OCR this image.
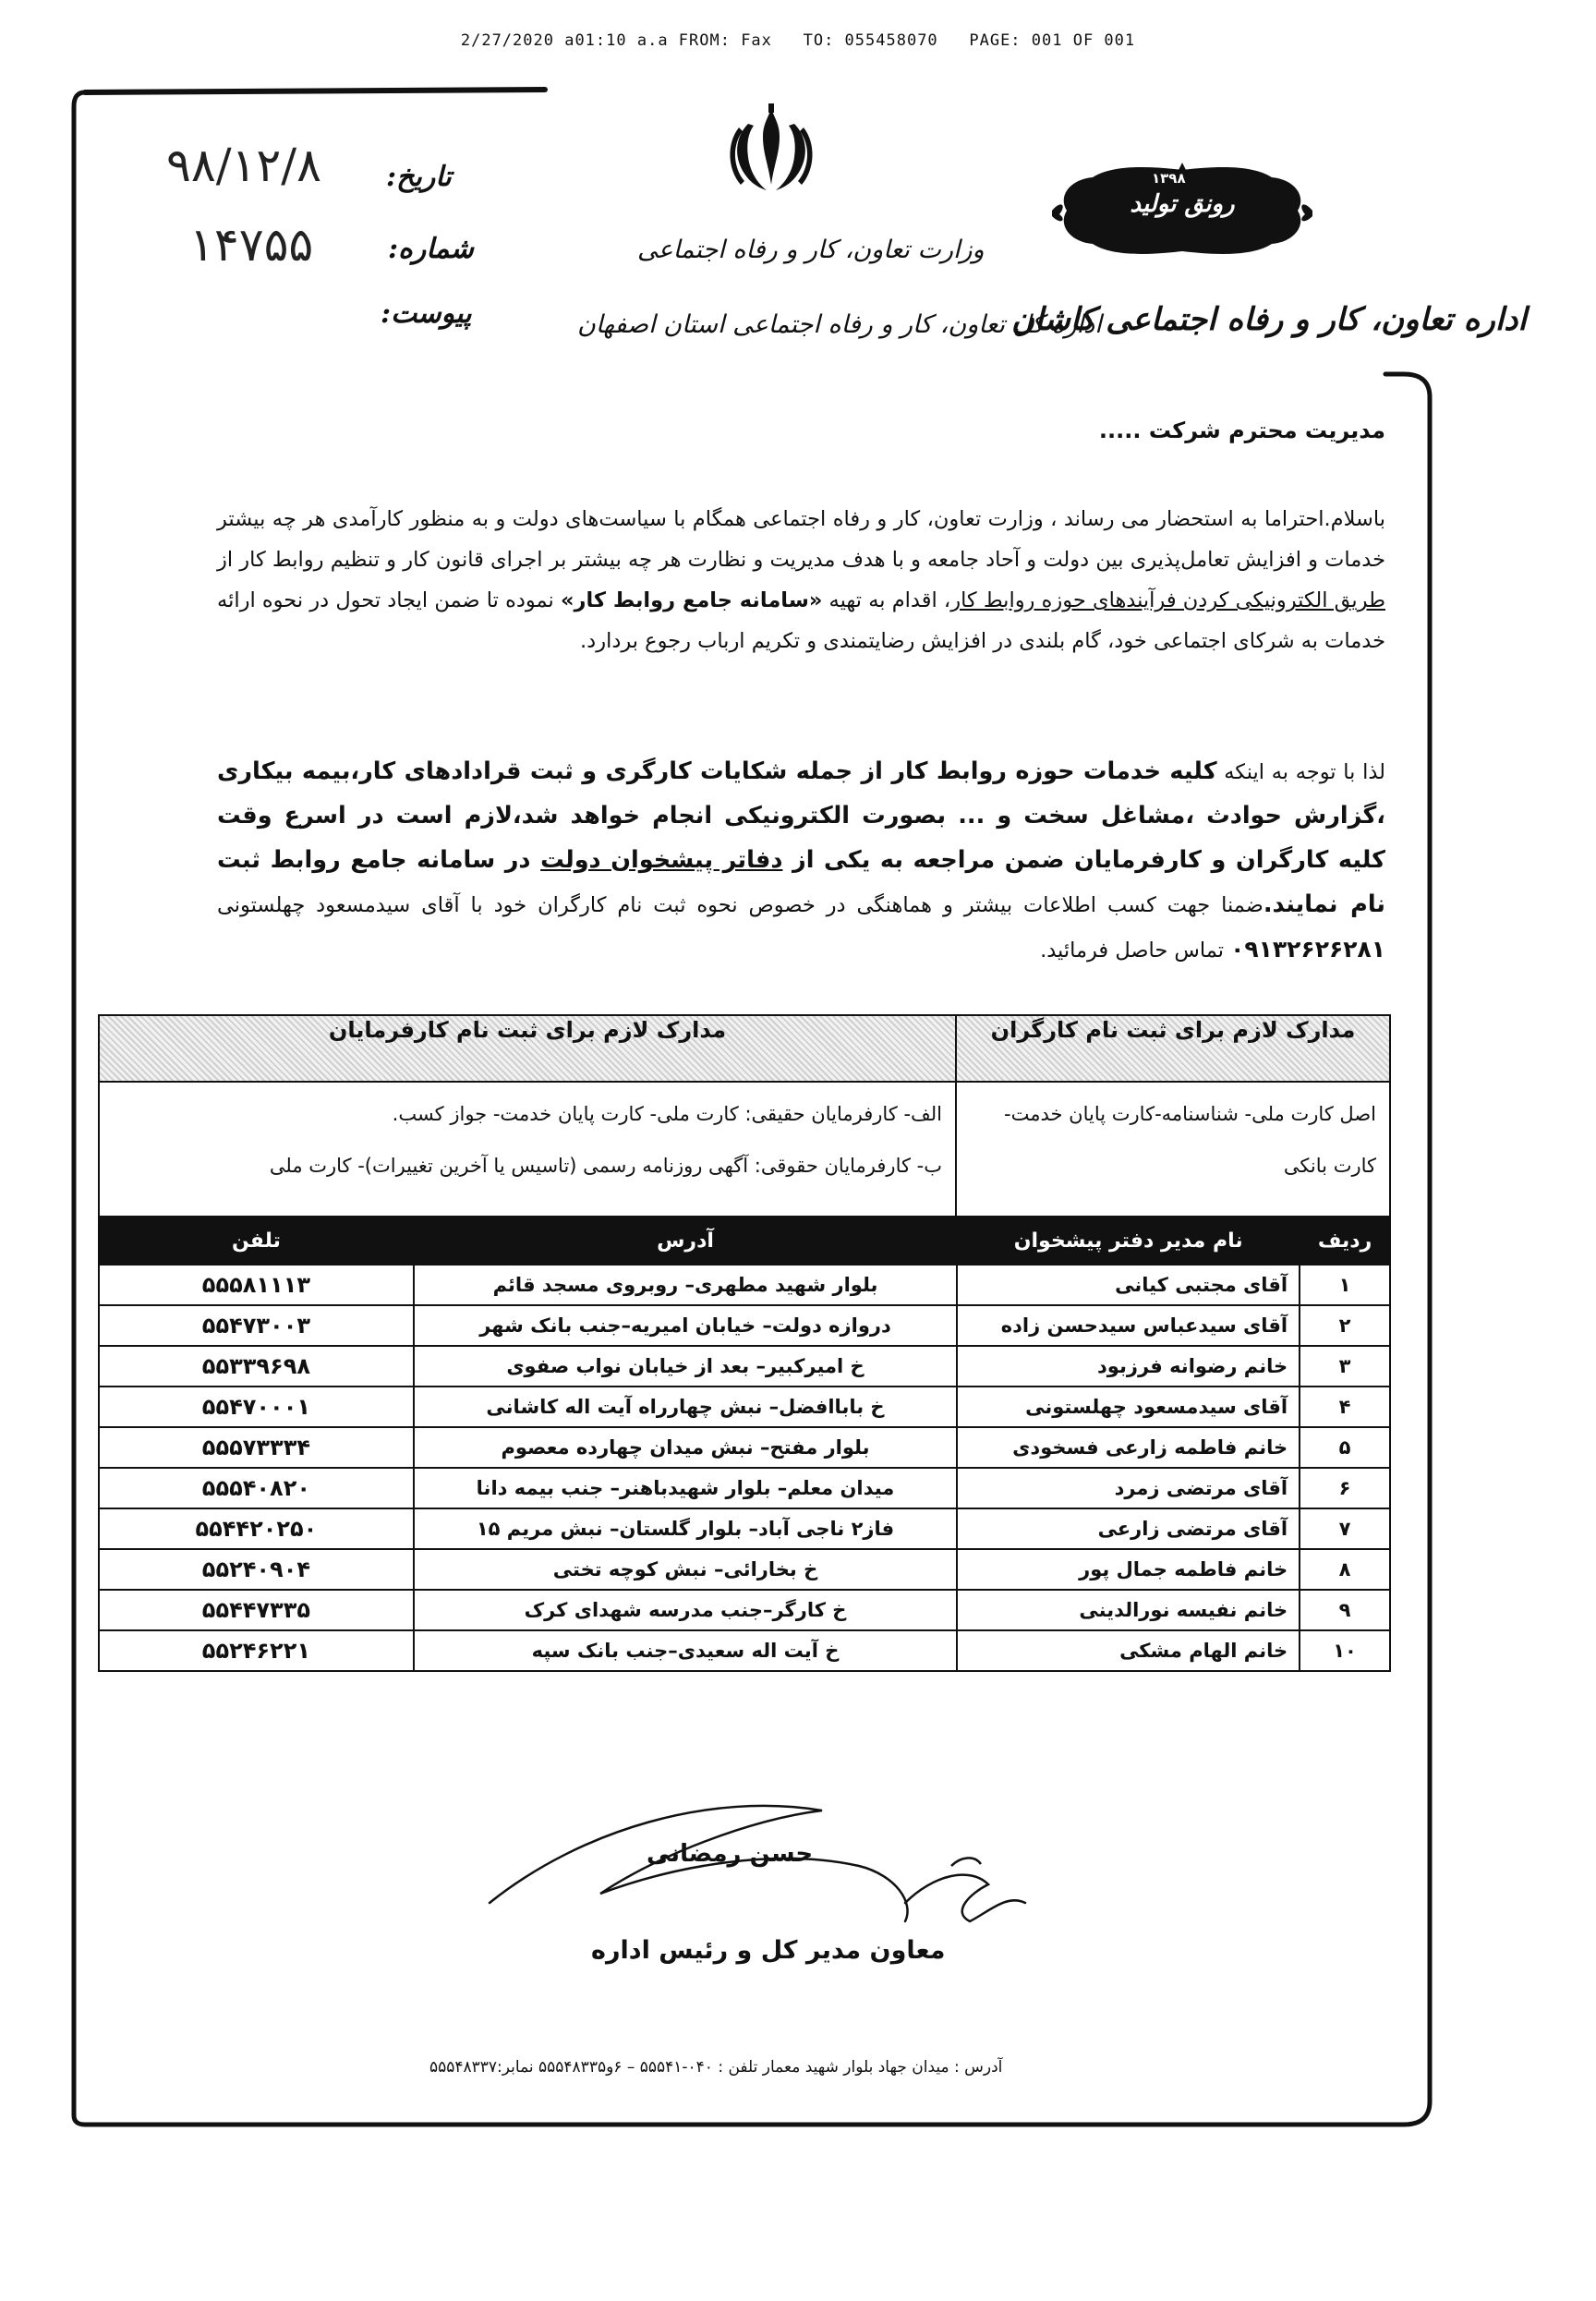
2/27/2020 a01:10 a.a FROM: Fax   TO: 055458070   PAGE: 001 OF 001
تاریخ:
۹۸/۱۲/۸
شماره:
۱۴۷۵۵
پیوست:
وزارت تعاون، کار و رفاه اجتماعی
اداره کل تعاون، کار و رفاه اجتماعی استان اصفهان
رونق تولید
۱۳۹۸
اداره تعاون، کار و رفاه اجتماعی کاشان
مدیریت محترم شرکت .....
باسلام.احتراما به استحضار می رساند ، وزارت تعاون، کار و رفاه اجتماعی همگام با سیاست‌های دولت و به منظور کارآمدی هر چه بیشتر خدمات و افزایش تعامل‌پذیری بین دولت و آحاد جامعه و با هدف مدیریت و نظارت هر چه بیشتر بر اجرای قانون کار و تنظیم روابط کار از طریق الکترونیکی کردن فرآیندهای حوزه روابط کار، اقدام به تهیه «سامانه جامع روابط کار» نموده تا ضمن ایجاد تحول در نحوه ارائه خدمات به شرکای اجتماعی خود، گام بلندی در افزایش رضایتمندی و تکریم ارباب رجوع بردارد.
لذا با توجه به اینکه کلیه خدمات حوزه روابط کار از جمله شکایات کارگری و ثبت قرادادهای کار،بیمه بیکاری ،گزارش حوادث ،مشاغل سخت و ... بصورت الکترونیکی انجام خواهد شد،لازم است در اسرع وقت کلیه کارگران و کارفرمایان ضمن مراجعه به یکی از دفاتر پیشخوان دولت در سامانه جامع روابط ثبت نام نمایند.ضمنا جهت کسب اطلاعات بیشتر و هماهنگی در خصوص نحوه ثبت نام کارگران خود با آقای سیدمسعود چهلستونی ۰۹۱۳۲۶۲۶۲۸۱ تماس حاصل فرمائید.
مدارک لازم برای ثبت نام کارگران	مدارک لازم برای ثبت نام کارفرمایان

اصل کارت ملی- شناسنامه-کارت پایان خدمت-کارت بانکی	الف- کارفرمایان حقیقی: کارت ملی- کارت پایان خدمت- جواز کسب.
ب- کارفرمایان حقوقی: آگهی روزنامه رسمی (تاسیس یا آخرین تغییرات)- کارت ملی
ردیف	نام مدیر دفتر پیشخوان	آدرس	تلفن
۱	آقای مجتبی کیانی	بلوار شهید مطهری– روبروی مسجد قائم	۵۵۵۸۱۱۱۳
۲	آقای سیدعباس سیدحسن زاده	دروازه دولت– خیابان امیریه–جنب بانک شهر	۵۵۴۷۳۰۰۳
۳	خانم رضوانه فرزبود	خ امیرکبیر– بعد از خیابان نواب صفوی	۵۵۳۳۹۶۹۸
۴	آقای سیدمسعود چهلستونی	خ باباافضل– نبش چهارراه آیت اله کاشانی	۵۵۴۷۰۰۰۱
۵	خانم فاطمه زارعی فسخودی	بلوار مفتح– نبش میدان چهارده معصوم	۵۵۵۷۳۳۳۴
۶	آقای مرتضی زمرد	میدان معلم– بلوار شهیدباهنر– جنب بیمه دانا	۵۵۵۴۰۸۲۰
۷	آقای مرتضی زارعی	فاز۲ ناجی آباد– بلوار گلستان– نبش مریم ۱۵	۵۵۴۴۲۰۲۵۰
۸	خانم فاطمه جمال پور	خ بخارائی– نبش کوچه تختی	۵۵۲۴۰۹۰۴
۹	خانم نفیسه نورالدینی	خ کارگر–جنب مدرسه شهدای کرک	۵۵۴۴۷۳۳۵
۱۰	خانم الهام مشکی	خ آیت اله سعیدی–جنب بانک سپه	۵۵۲۴۶۲۲۱
حسن رمضانی
معاون مدیر کل و رئیس اداره
آدرس : میدان جهاد بلوار شهید معمار تلفن : ۰۴۰-۵۵۵۴۱ – ۶و۵۵۵۴۸۳۳۵ نمابر:۵۵۵۴۸۳۳۷
